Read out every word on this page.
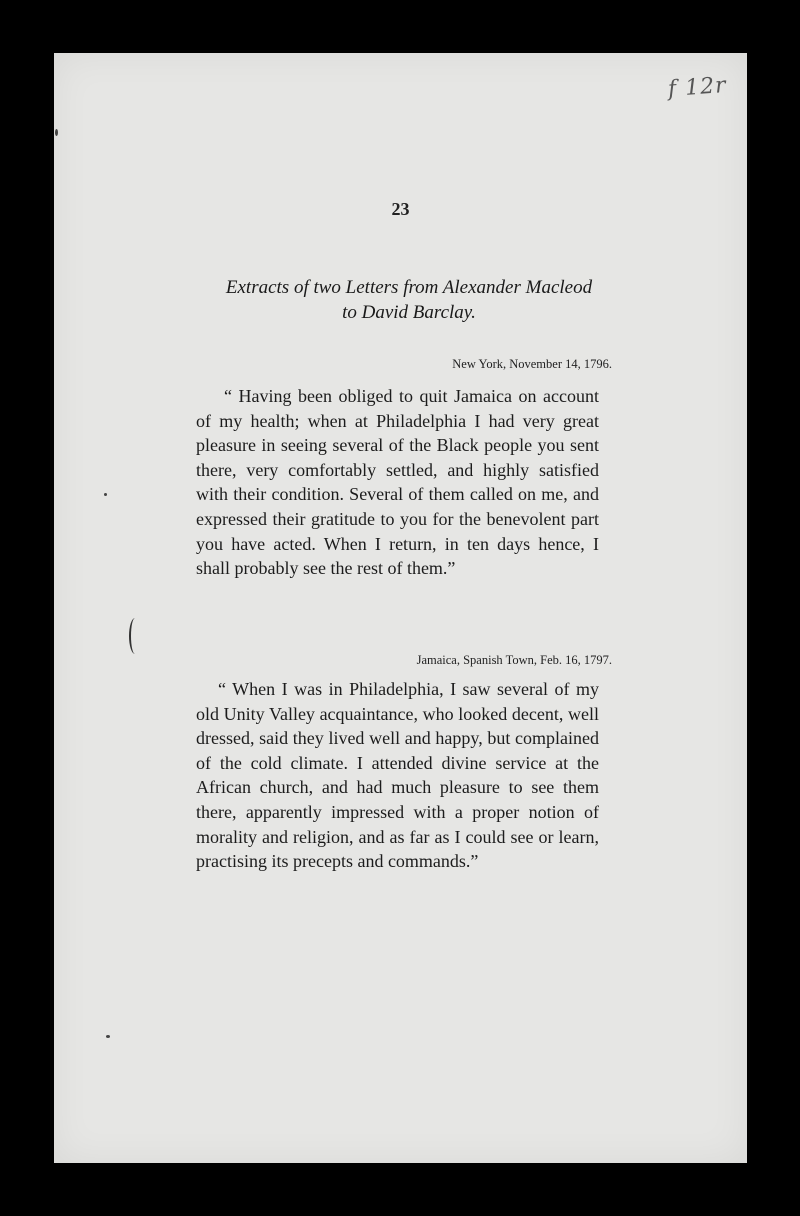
f 12r
23
Extracts of two Letters from Alexander Macleod
to David Barclay.
New York, November 14, 1796.
“ Having been obliged to quit Jamaica on account of my health; when at Philadelphia I had very great pleasure in seeing several of the Black people you sent there, very comfortably settled, and highly satisfied with their condition. Several of them called on me, and expressed their gratitude to you for the benevolent part you have acted. When I return, in ten days hence, I shall probably see the rest of them.”
Jamaica, Spanish Town, Feb. 16, 1797.
“ When I was in Philadelphia, I saw several of my old Unity Valley acquaintance, who looked decent, well dressed, said they lived well and happy, but complained of the cold climate. I attended divine service at the African church, and had much pleasure to see them there, apparently impressed with a proper notion of morality and religion, and as far as I could see or learn, practising its precepts and commands.”
